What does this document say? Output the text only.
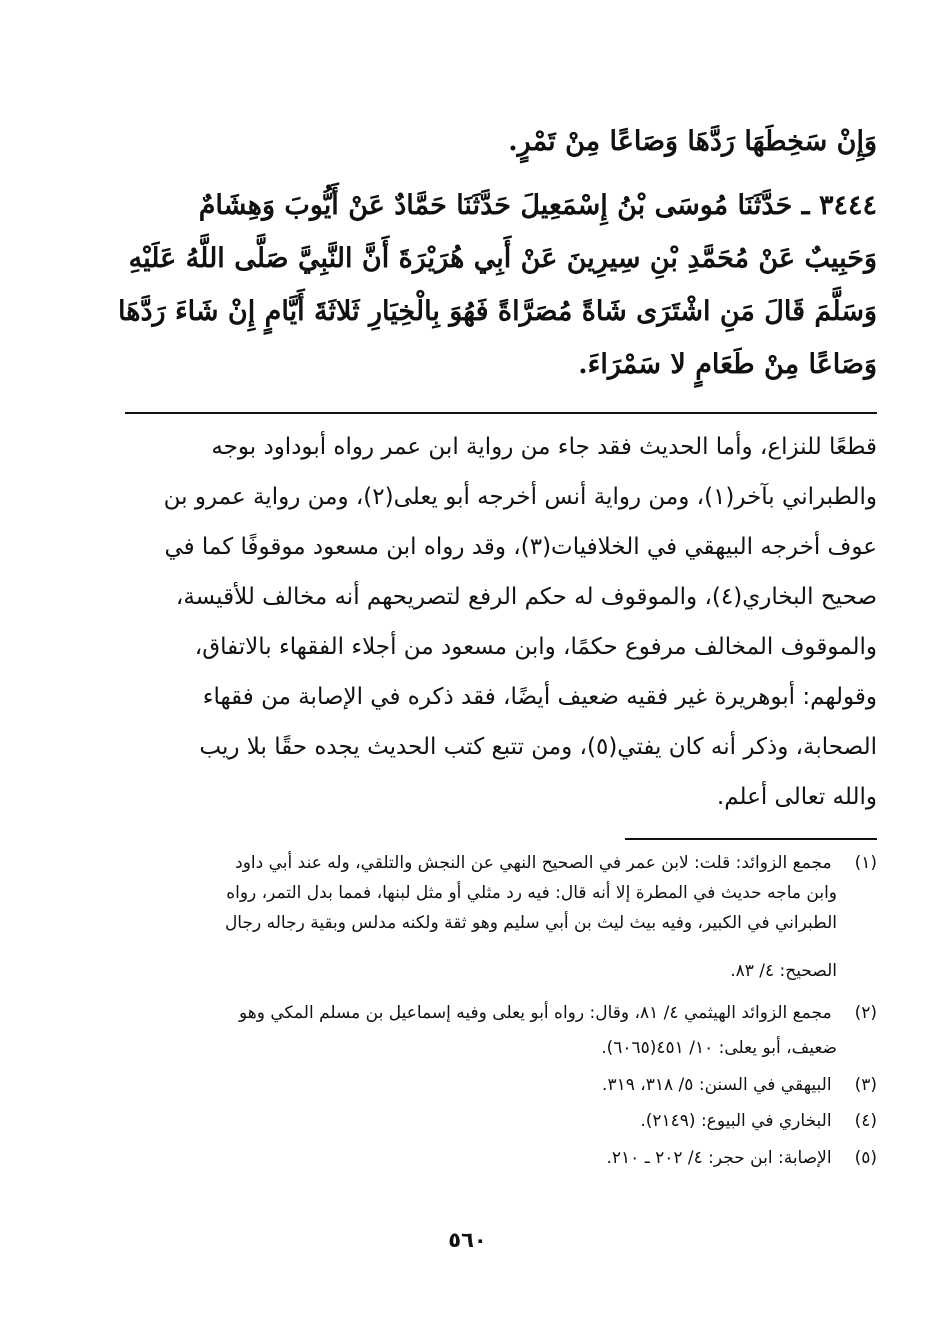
وَإِنْ سَخِطَهَا رَدَّهَا وَصَاعًا مِنْ تَمْرٍ.
٣٤٤٤ ـ حَدَّثَنَا مُوسَى بْنُ إِسْمَعِيلَ حَدَّثَنَا حَمَّادٌ عَنْ أَيُّوبَ وَهِشَامٌ
وَحَبِيبٌ عَنْ مُحَمَّدِ بْنِ سِيرِينَ عَنْ أَبِي هُرَيْرَةَ أَنَّ النَّبِيَّ صَلَّى اللَّهُ عَلَيْهِ
وَسَلَّمَ قَالَ مَنِ اشْتَرَى شَاةً مُصَرَّاةً فَهُوَ بِالْخِيَارِ ثَلاثَةَ أَيَّامٍ إِنْ شَاءَ رَدَّهَا
وَصَاعًا مِنْ طَعَامٍ لا سَمْرَاءَ.
قطعًا للنزاع، وأما الحديث فقد جاء من رواية ابن عمر رواه أبوداود بوجه
والطبراني بآخر(١)، ومن رواية أنس أخرجه أبو يعلى(٢)، ومن رواية عمرو بن
عوف أخرجه البيهقي في الخلافيات(٣)، وقد رواه ابن مسعود موقوفًا كما في
صحيح البخاري(٤)، والموقوف له حكم الرفع لتصريحهم أنه مخالف للأقيسة،
والموقوف المخالف مرفوع حكمًا، وابن مسعود من أجلاء الفقهاء بالاتفاق،
وقولهم: أبوهريرة غير فقيه ضعيف أيضًا، فقد ذكره في الإصابة من فقهاء
الصحابة، وذكر أنه كان يفتي(٥)، ومن تتبع كتب الحديث يجده حقًا بلا ريب
والله تعالى أعلم.
(١) مجمع الزوائد: قلت: لابن عمر في الصحيح النهي عن النجش والتلقي، وله عند أبي داود
وابن ماجه حديث في المطرة إلا أنه قال: فيه رد مثلي أو مثل لبنها، فمما بدل التمر، رواه
الطبراني في الكبير، وفيه بيث ليث بن أبي سليم وهو ثقة ولكنه مدلس وبقية رجاله رجال
الصحيح: ٤/ ٨٣.
(٢) مجمع الزوائد الهيثمي ٤/ ٨١، وقال: رواه أبو يعلى وفيه إسماعيل بن مسلم المكي وهو
ضعيف، أبو يعلى: ١٠/ ٤٥١(٦٠٦٥).
(٣) البيهقي في السنن: ٥/ ٣١٨، ٣١٩.
(٤) البخاري في البيوع: (٢١٤٩).
(٥) الإصابة: ابن حجر: ٤/ ٢٠٢ ـ ٢١٠.
٥٦٠
